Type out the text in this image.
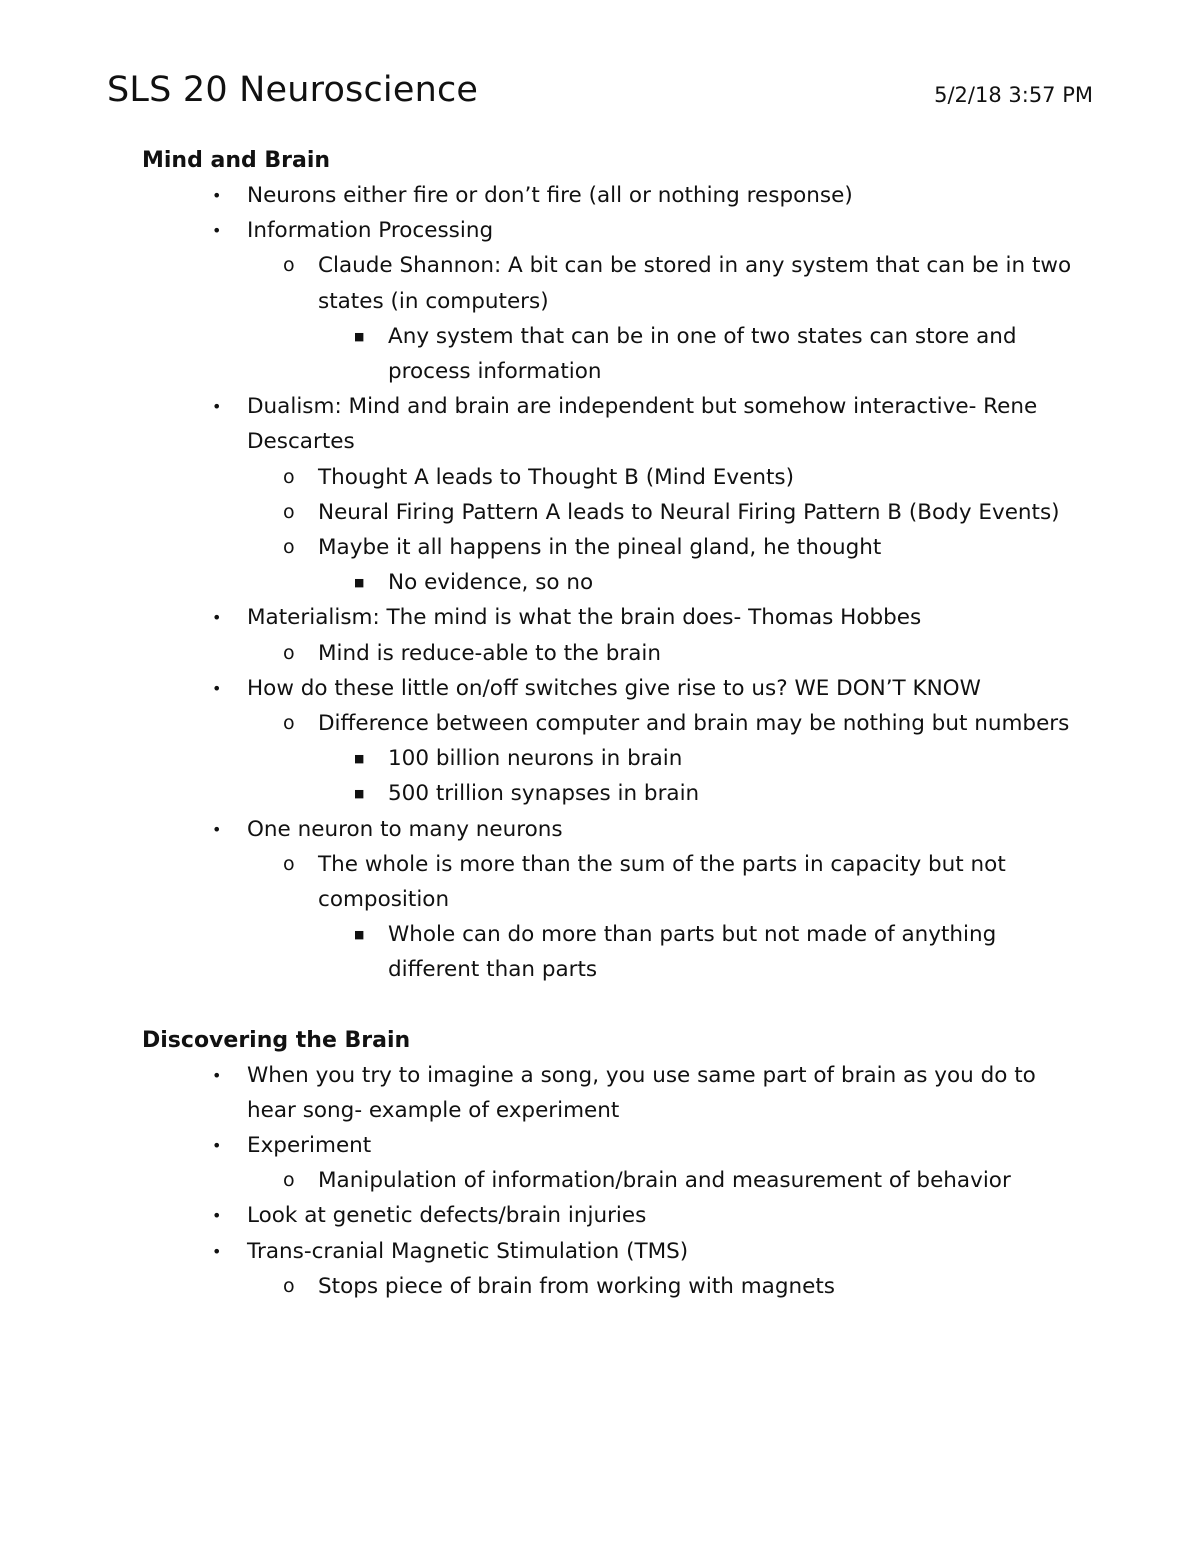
SLS 20 Neuroscience	5/2/18 3:57 PM
Mind and Brain
• Neurons either fire or don’t fire (all or nothing response)
• Information Processing
o Claude Shannon: A bit can be stored in any system that can be in two states (in computers)
■ Any system that can be in one of two states can store and process information
• Dualism: Mind and brain are independent but somehow interactive- Rene Descartes
o Thought A leads to Thought B (Mind Events)
o Neural Firing Pattern A leads to Neural Firing Pattern B (Body Events)
o Maybe it all happens in the pineal gland, he thought
■ No evidence, so no
• Materialism: The mind is what the brain does- Thomas Hobbes
o Mind is reduce-able to the brain
• How do these little on/off switches give rise to us? WE DON’T KNOW
o Difference between computer and brain may be nothing but numbers
■ 100 billion neurons in brain
■ 500 trillion synapses in brain
• One neuron to many neurons
o The whole is more than the sum of the parts in capacity but not composition
■ Whole can do more than parts but not made of anything different than parts
Discovering the Brain
• When you try to imagine a song, you use same part of brain as you do to hear song- example of experiment
• Experiment
o Manipulation of information/brain and measurement of behavior
• Look at genetic defects/brain injuries
• Trans-cranial Magnetic Stimulation (TMS)
o Stops piece of brain from working with magnets
